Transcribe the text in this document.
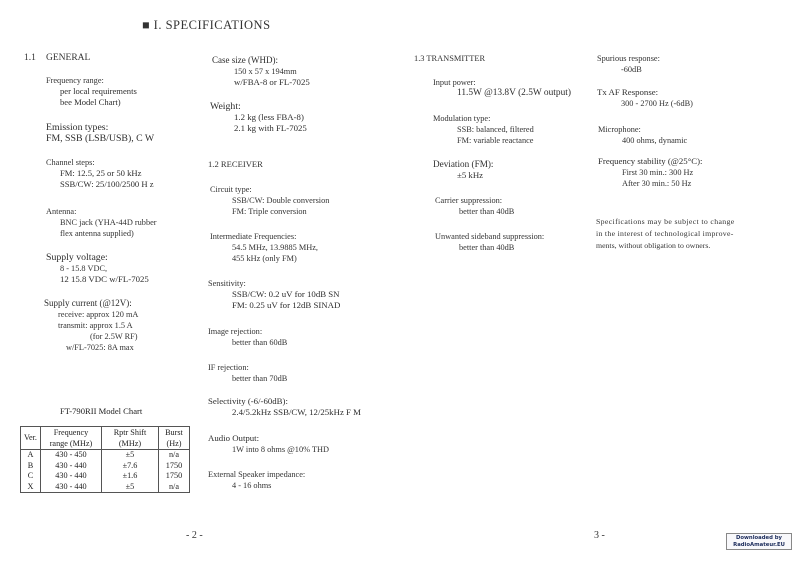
■ I. SPECIFICATIONS
1.1 GENERAL
Frequency range:
per local requirements
bee Model Chart)
Emission types:
FM, SSB (LSB/USB), C W
Channel steps:
FM: 12.5, 25 or 50 kHz
SSB/CW: 25/100/2500 H z
Antenna:
BNC jack (YHA-44D rubber
flex antenna supplied)
Supply voltage:
8 - 15.8 VDC,
12 15.8 VDC w/FL-7025
Supply current (@12V):
receive: approx 120 mA
transmit: approx 1.5 A
(for 2.5W RF)
w/FL-7025: 8A max
FT-790RII Model Chart
Ver.	Frequency range (MHz)	Rptr Shift (MHz)	Burst (Hz)

A	430 - 450	±5	n/a
B	430 - 440	±7.6	1750
C	430 - 440	±1.6	1750
X	430 - 440	±5	n/a
Case size (WHD):
150 x 57 x 194mm
w/FBA-8 or FL-7025
Weight:
1.2 kg (less FBA-8)
2.1 kg with FL-7025
1.2 RECEIVER
Circuit type:
SSB/CW: Double conversion
FM: Triple conversion
Intermediate Frequencies:
54.5 MHz, 13.9885 MHz,
455 kHz (only FM)
Sensitivity:
SSB/CW: 0.2 uV for 10dB SN
FM: 0.25 uV for 12dB SINAD
Image rejection:
better than 60dB
IF rejection:
better than 70dB
Selectivity (-6/-60dB):
2.4/5.2kHz SSB/CW, 12/25kHz F M
Audio Output:
1W into 8 ohms @10% THD
External Speaker impedance:
4 - 16 ohms
1.3 TRANSMITTER
Input power:
11.5W @13.8V (2.5W output)
Modulation type:
SSB: balanced, filtered
FM: variable reactance
Deviation (FM):
±5 kHz
Carrier suppression:
better than 40dB
Unwanted sideband suppression:
better than 40dB
Spurious response:
-60dB
Tx AF Response:
300 - 2700 Hz (-6dB)
Microphone:
400 ohms, dynamic
Frequency stability (@25°C):
First 30 min.: 300 Hz
After 30 min.: 50 Hz
Specifications may be subject to change
in the interest of technological improve-
ments, without obligation to owners.
- 2 -	3 -	Downloaded by
RadioAmateur.EU
